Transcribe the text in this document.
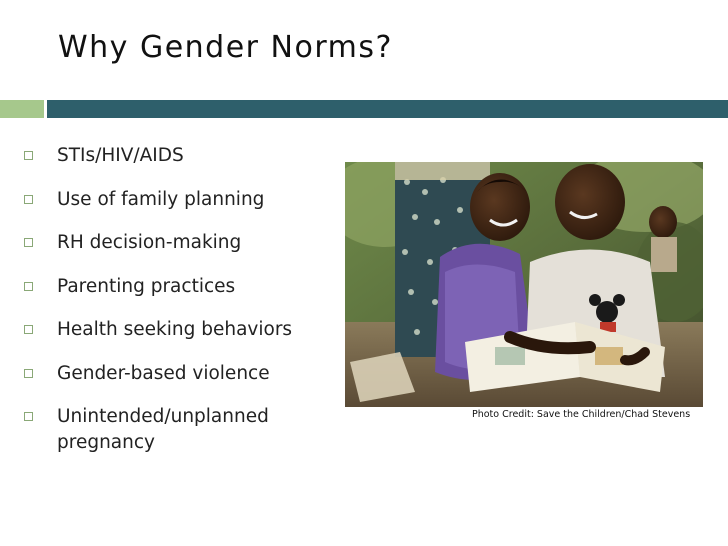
Why Gender Norms?
STIs/HIV/AIDS
Use of family planning
RH decision-making
Parenting practices
Health seeking behaviors
Gender-based violence
Unintended/unplanned
pregnancy
Photo Credit: Save the Children/Chad Stevens
